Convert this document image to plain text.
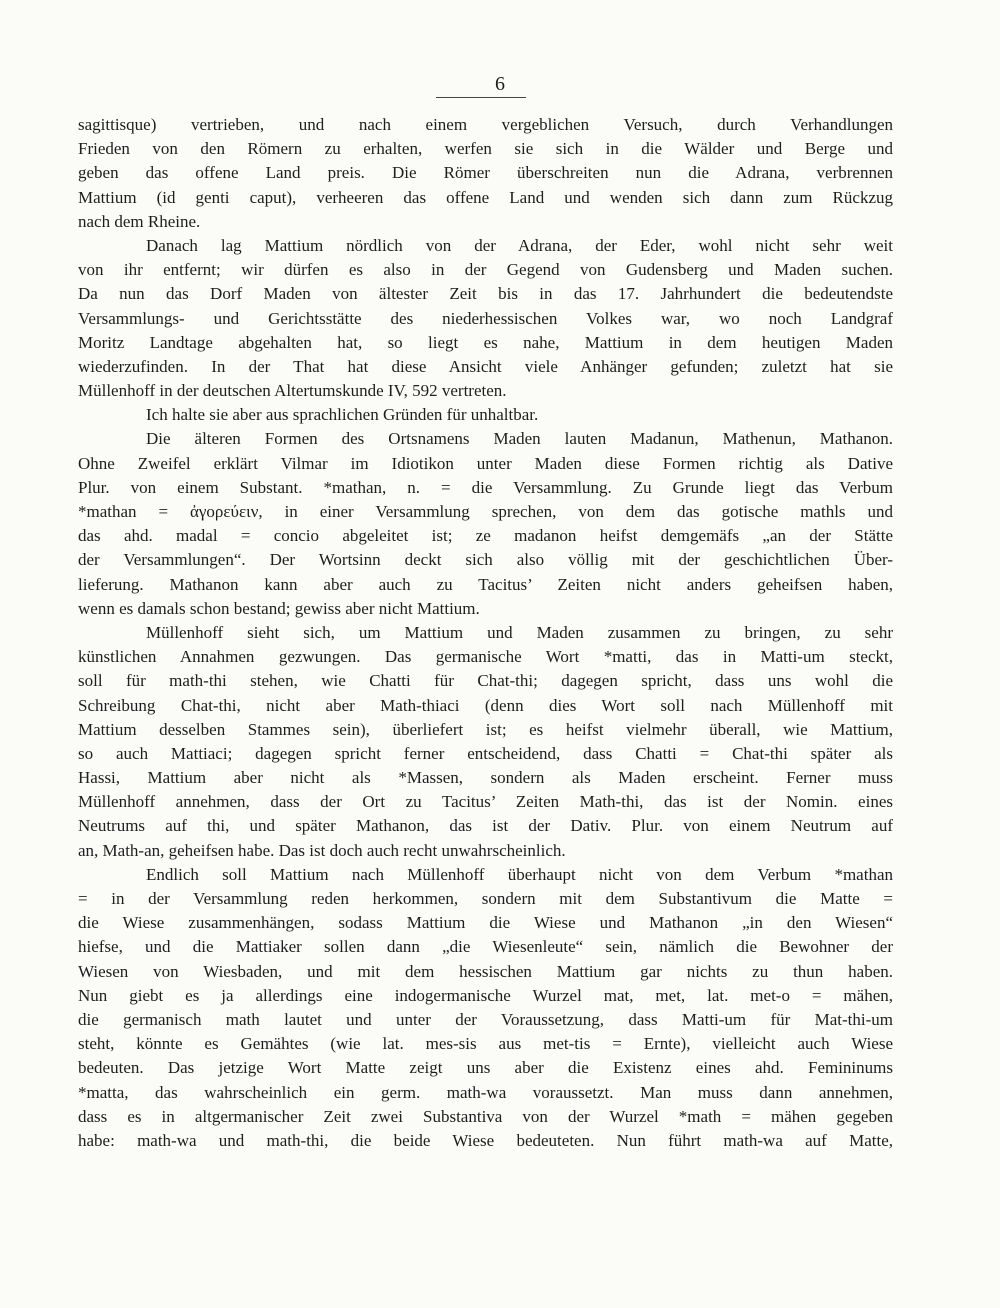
6
sagittisque) vertrieben, und nach einem vergeblichen Versuch, durch Verhandlungen
Frieden von den Römern zu erhalten, werfen sie sich in die Wälder und Berge und
geben das offene Land preis. Die Römer überschreiten nun die Adrana, verbrennen
Mattium (id genti caput), verheeren das offene Land und wenden sich dann zum Rückzug
nach dem Rheine.
Danach lag Mattium nördlich von der Adrana, der Eder, wohl nicht sehr weit
von ihr entfernt; wir dürfen es also in der Gegend von Gudensberg und Maden suchen.
Da nun das Dorf Maden von ältester Zeit bis in das 17. Jahrhundert die bedeutendste
Versammlungs- und Gerichtsstätte des niederhessischen Volkes war, wo noch Landgraf
Moritz Landtage abgehalten hat, so liegt es nahe, Mattium in dem heutigen Maden
wiederzufinden. In der That hat diese Ansicht viele Anhänger gefunden; zuletzt hat sie
Müllenhoff in der deutschen Altertumskunde IV, 592 vertreten.
Ich halte sie aber aus sprachlichen Gründen für unhaltbar.
Die älteren Formen des Ortsnamens Maden lauten Madanun, Mathenun, Mathanon.
Ohne Zweifel erklärt Vilmar im Idiotikon unter Maden diese Formen richtig als Dative
Plur. von einem Substant. *mathan, n. = die Versammlung. Zu Grunde liegt das Verbum
*mathan = ἀγορεύειν, in einer Versammlung sprechen, von dem das gotische mathls und
das ahd. madal = concio abgeleitet ist; ze madanon heifst demgemäfs „an der Stätte
der Versammlungen“. Der Wortsinn deckt sich also völlig mit der geschichtlichen Über-
lieferung. Mathanon kann aber auch zu Tacitus’ Zeiten nicht anders geheifsen haben,
wenn es damals schon bestand; gewiss aber nicht Mattium.
Müllenhoff sieht sich, um Mattium und Maden zusammen zu bringen, zu sehr
künstlichen Annahmen gezwungen. Das germanische Wort *matti, das in Matti-um steckt,
soll für math-thi stehen, wie Chatti für Chat-thi; dagegen spricht, dass uns wohl die
Schreibung Chat-thi, nicht aber Math-thiaci (denn dies Wort soll nach Müllenhoff mit
Mattium desselben Stammes sein), überliefert ist; es heifst vielmehr überall, wie Mattium,
so auch Mattiaci; dagegen spricht ferner entscheidend, dass Chatti = Chat-thi später als
Hassi, Mattium aber nicht als *Massen, sondern als Maden erscheint. Ferner muss
Müllenhoff annehmen, dass der Ort zu Tacitus’ Zeiten Math-thi, das ist der Nomin. eines
Neutrums auf thi, und später Mathanon, das ist der Dativ. Plur. von einem Neutrum auf
an, Math-an, geheifsen habe. Das ist doch auch recht unwahrscheinlich.
Endlich soll Mattium nach Müllenhoff überhaupt nicht von dem Verbum *mathan
= in der Versammlung reden herkommen, sondern mit dem Substantivum die Matte =
die Wiese zusammenhängen, sodass Mattium die Wiese und Mathanon „in den Wiesen“
hiefse, und die Mattiaker sollen dann „die Wiesenleute“ sein, nämlich die Bewohner der
Wiesen von Wiesbaden, und mit dem hessischen Mattium gar nichts zu thun haben.
Nun giebt es ja allerdings eine indogermanische Wurzel mat, met, lat. met-o = mähen,
die germanisch math lautet und unter der Voraussetzung, dass Matti-um für Mat-thi-um
steht, könnte es Gemähtes (wie lat. mes-sis aus met-tis = Ernte), vielleicht auch Wiese
bedeuten. Das jetzige Wort Matte zeigt uns aber die Existenz eines ahd. Femininums
*matta, das wahrscheinlich ein germ. math-wa voraussetzt. Man muss dann annehmen,
dass es in altgermanischer Zeit zwei Substantiva von der Wurzel *math = mähen gegeben
habe: math-wa und math-thi, die beide Wiese bedeuteten. Nun führt math-wa auf Matte,
